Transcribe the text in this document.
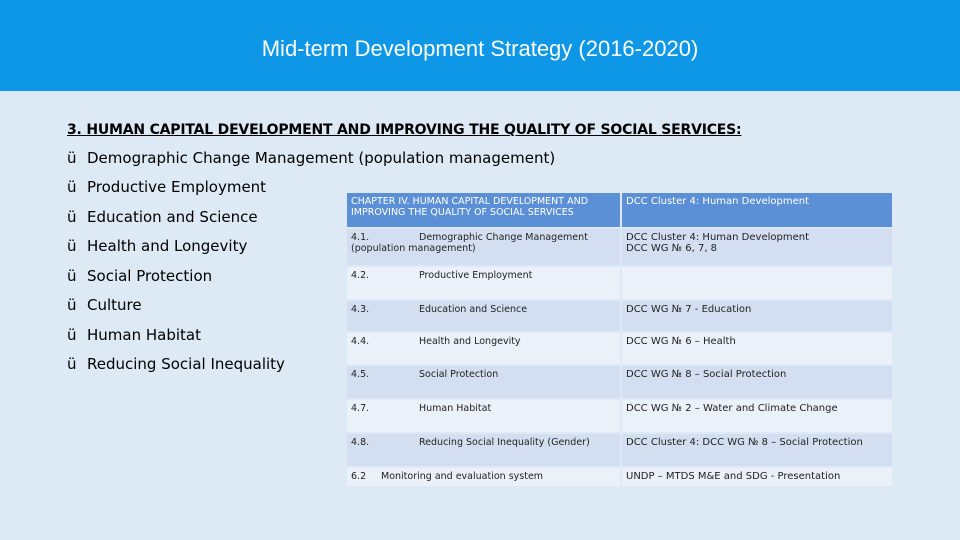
Mid-term Development Strategy (2016-2020)
3. HUMAN CAPITAL DEVELOPMENT AND IMPROVING THE QUALITY OF SOCIAL SERVICES:
ü Demographic Change Management (population management)
ü Productive Employment
ü Education and Science
ü Health and Longevity
ü Social Protection
ü Culture
ü Human Habitat
ü Reducing Social Inequality
CHAPTER IV. HUMAN CAPITAL DEVELOPMENT AND IMPROVING THE QUALITY OF SOCIAL SERVICES	DCC Cluster 4: Human Development
4.1. Demographic Change Management
(population management)	DCC Cluster 4: Human Development
DCC WG № 6, 7, 8
4.2. Productive Employment	
4.3. Education and Science	DCC WG № 7 - Education
4.4. Health and Longevity	DCC WG № 6 – Health
4.5. Social Protection	DCC WG № 8 – Social Protection
4.7. Human Habitat	DCC WG № 2 – Water and Climate Change
4.8. Reducing Social Inequality (Gender)	DCC Cluster 4: DCC WG № 8 – Social Protection
6.2 Monitoring and evaluation system	UNDP – MTDS M&E and SDG - Presentation
